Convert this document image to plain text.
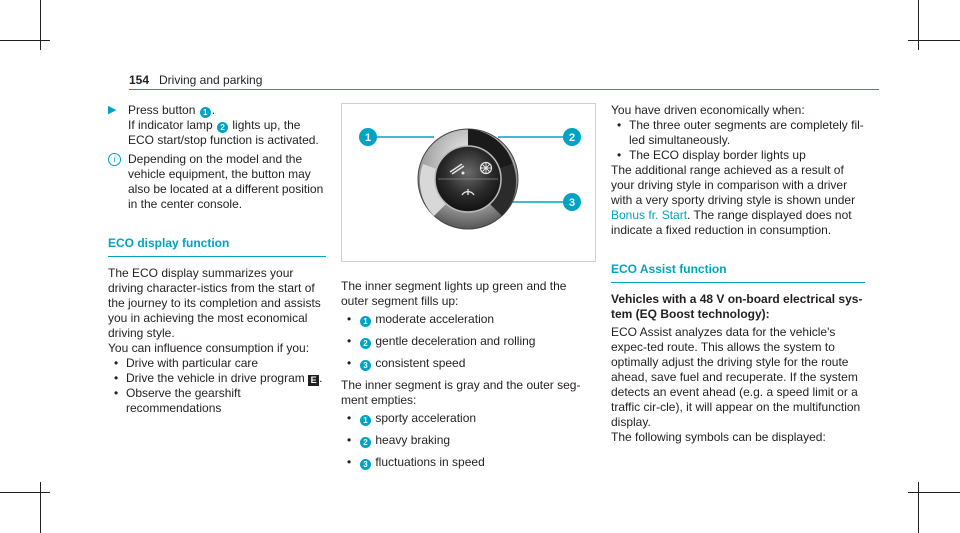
154 Driving and parking
▶ Press button 1 .
If indicator lamp 2 lights up, the ECO start/stop function is activated.

i	Depending on the model and the vehicle equipment, the button may also be located at a different position in the center console.

ECO display function

The ECO display summarizes your driving character-istics from the start of the journey to its completion and assists you in achieving the most economical driving style.

You can influence consumption if you:

• Drive with particular care
• Drive the vehicle in drive program E .
• Observe the gearshift recommendations
1	2
3

The inner segment lights up green and the outer segment fills up:

• 1 moderate acceleration
• 2 gentle deceleration and rolling
• 3 consistent speed

The inner segment is gray and the outer seg-ment empties:

• 1 sporty acceleration
• 2 heavy braking
• 3 fluctuations in speed

You have driven economically when:

• The three outer segments are completely fil-led simultaneously.
• The ECO display border lights up

The additional range achieved as a result of your driving style in comparison with a driver with a very sporty driving style is shown under Bonus fr. Start. The range displayed does not indicate a fixed reduction in consumption.

ECO Assist function

Vehicles with a 48 V on-board electrical sys-tem (EQ Boost technology):

ECO Assist analyzes data for the vehicle's expec-ted route. This allows the system to optimally adjust the driving style for the route ahead, save fuel and recuperate. If the system detects an event ahead (e.g. a speed limit or a traffic cir-cle), it will appear on the multifunction display.

The following symbols can be displayed:
